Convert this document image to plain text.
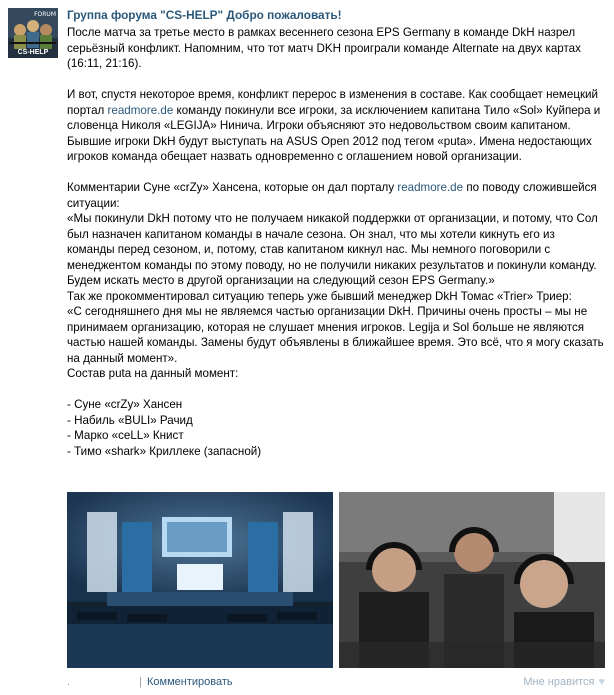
FORUM
CS-HELP
Группа форума "CS-HELP" Добро пожаловать!

После матча за третье место в рамках весеннего сезона EPS Germany в команде DkH назрел серьёзный конфликт. Напомним, что тот матч DKH проиграли команде Alternate на двух картах (16:11, 21:16).

И вот, спустя некоторое время, конфликт перерос в изменения в составе. Как сообщает немецкий портал readmore.de команду покинули все игроки, за исключением капитана Тило «Sol» Куйпера и словенца Николя «LEGIJA» Нинича. Игроки объясняют это недовольством своим капитаном.

Бывшие игроки DkH будут выступать на ASUS Open 2012 под тегом «puta». Имена недостающих игроков команда обещает назвать одновременно с оглашением новой организации.

Комментарии Суне «crZy» Хансена, которые он дал порталу readmore.de по поводу сложившейся ситуации:

«Мы покинули DkH потому что не получаем никакой поддержки от организации, и потому, что Сол был назначен капитаном команды в начале сезона. Он знал, что мы хотели кикнуть его из команды перед сезоном, и, потому, став капитаном кикнул нас. Мы немного поговорили с менеджентом команды по этому поводу, но не получили никаких результатов и покинули команду. Будем искать место в другой организации на следующий сезон EPS Germany.»

Так же прокомментировал ситуацию теперь уже бывший менеджер DkH Томас «Trier» Триер:

«С сегодняшнего дня мы не являемся частью организации DkH. Причины очень просты – мы не принимаем организацию, которая не слушает мнения игроков. Legija и Sol больше не являются частью нашей команды. Замены будут объявлены в ближайшее время. Это всё, что я могу сказать на данный момент».

Состав puta на данный момент:

- Суне «crZy» Хансен

- Набиль «BULI» Рачид

- Марко «ceLL» Книст

- Тимо «shark» Криллеке (запасной)

.	| Комментировать	Мне нравится ♥
